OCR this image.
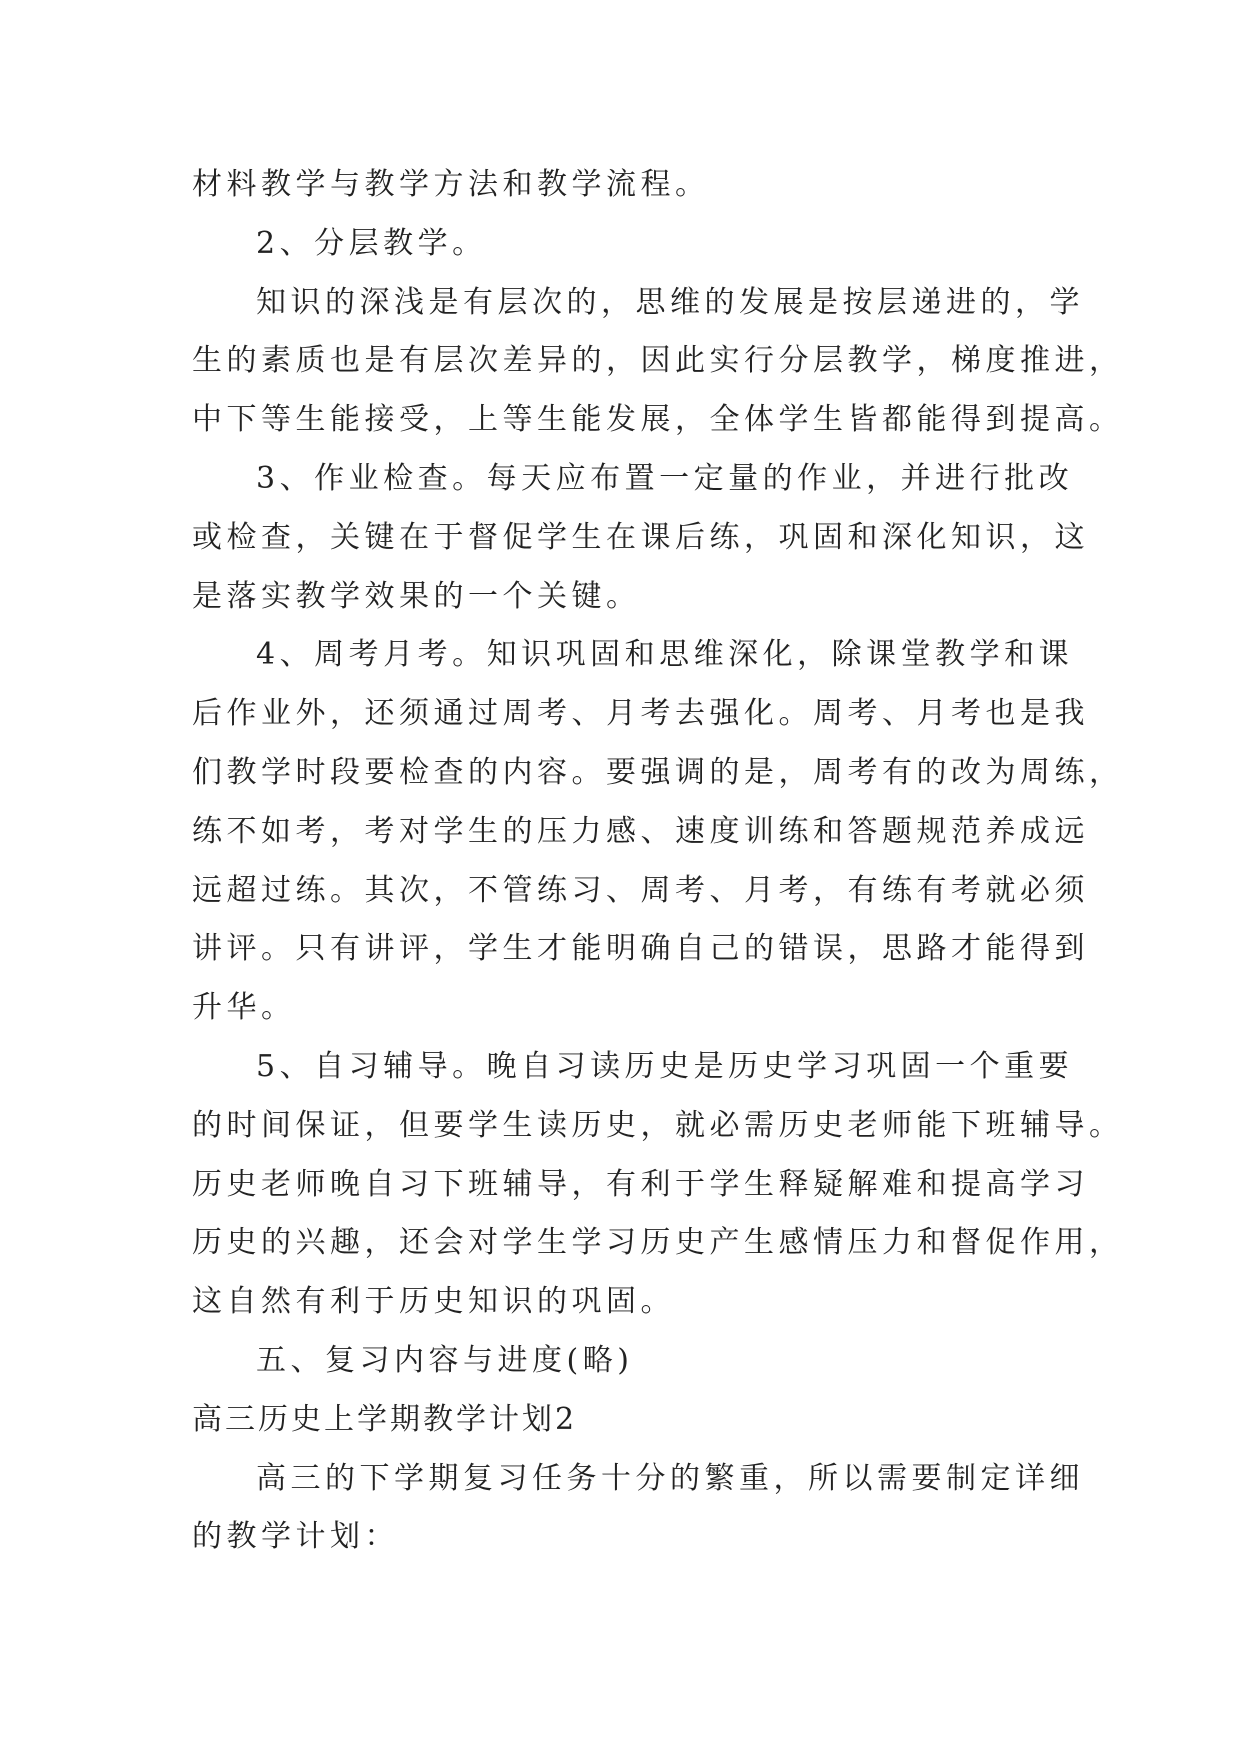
材料教学与教学方法和教学流程。
2、分层教学。
知识的深浅是有层次的，思维的发展是按层递进的，学
生的素质也是有层次差异的，因此实行分层教学，梯度推进，
中下等生能接受，上等生能发展，全体学生皆都能得到提高。
3、作业检查。每天应布置一定量的作业，并进行批改
或检查，关键在于督促学生在课后练，巩固和深化知识，这
是落实教学效果的一个关键。
4、周考月考。知识巩固和思维深化，除课堂教学和课
后作业外，还须通过周考、月考去强化。周考、月考也是我
们教学时段要检查的内容。要强调的是，周考有的改为周练，
练不如考，考对学生的压力感、速度训练和答题规范养成远
远超过练。其次，不管练习、周考、月考，有练有考就必须
讲评。只有讲评，学生才能明确自己的错误，思路才能得到
升华。
5、自习辅导。晚自习读历史是历史学习巩固一个重要
的时间保证，但要学生读历史，就必需历史老师能下班辅导。
历史老师晚自习下班辅导，有利于学生释疑解难和提高学习
历史的兴趣，还会对学生学习历史产生感情压力和督促作用，
这自然有利于历史知识的巩固。
五、复习内容与进度(略)
高三历史上学期教学计划2
高三的下学期复习任务十分的繁重，所以需要制定详细
的教学计划：
